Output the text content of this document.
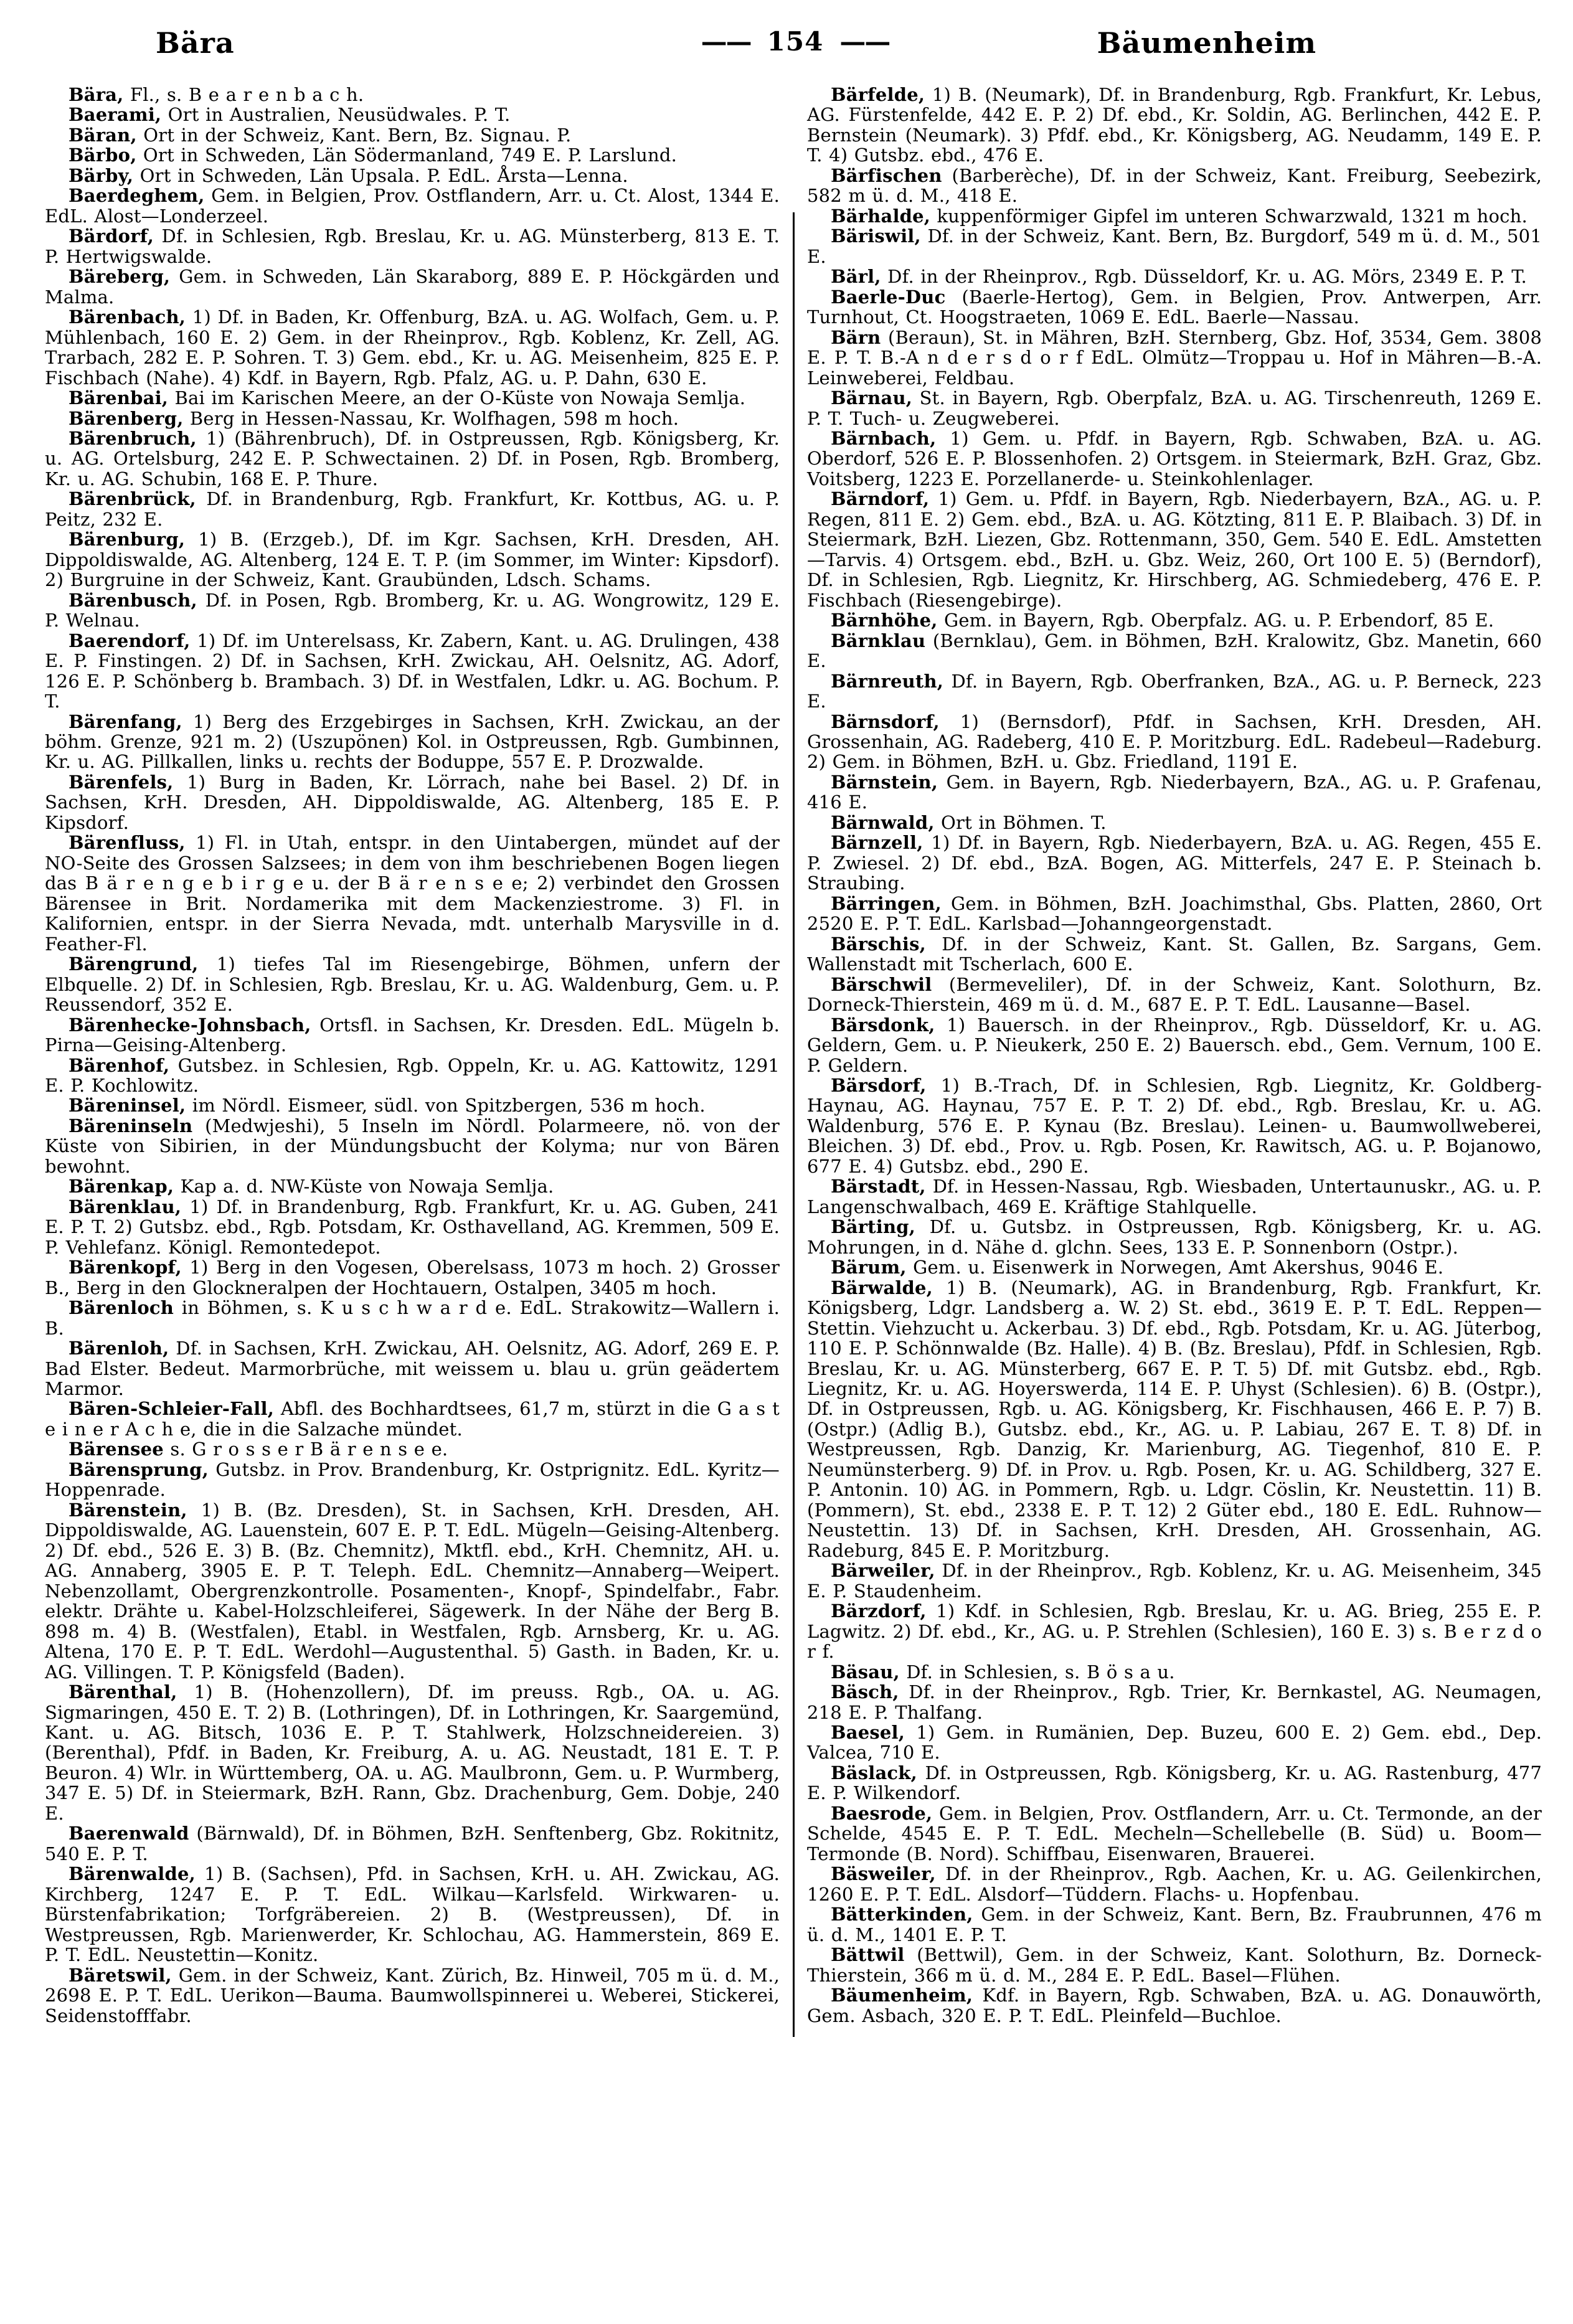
Bära	—— 154 ——	Bäumenheim

Bära, Fl., s. B e a r e n b a c h.

Baerami, Ort in Australien, Neusüdwales. P. T.

Bäran, Ort in der Schweiz, Kant. Bern, Bz. Signau. P.

Bärbo, Ort in Schweden, Län Södermanland, 749 E. P. Larslund.

Bärby, Ort in Schweden, Län Upsala. P. EdL. Årsta—Lenna.

Baerdeghem, Gem. in Belgien, Prov. Ostflandern, Arr. u. Ct. Alost, 1344 E. EdL. Alost—Londerzeel.

Bärdorf, Df. in Schlesien, Rgb. Breslau, Kr. u. AG. Münsterberg, 813 E. T. P. Hertwigswalde.

Bäreberg, Gem. in Schweden, Län Skaraborg, 889 E. P. Höckgärden und Malma.

Bärenbach, 1) Df. in Baden, Kr. Offenburg, BzA. u. AG. Wolfach, Gem. u. P. Mühlenbach, 160 E. 2) Gem. in der Rheinprov., Rgb. Koblenz, Kr. Zell, AG. Trarbach, 282 E. P. Sohren. T. 3) Gem. ebd., Kr. u. AG. Meisenheim, 825 E. P. Fischbach (Nahe). 4) Kdf. in Bayern, Rgb. Pfalz, AG. u. P. Dahn, 630 E.

Bärenbai, Bai im Karischen Meere, an der O-Küste von Nowaja Semlja.

Bärenberg, Berg in Hessen-Nassau, Kr. Wolfhagen, 598 m hoch.

Bärenbruch, 1) (Bährenbruch), Df. in Ostpreussen, Rgb. Königsberg, Kr. u. AG. Ortelsburg, 242 E. P. Schwectainen. 2) Df. in Posen, Rgb. Bromberg, Kr. u. AG. Schubin, 168 E. P. Thure.

Bärenbrück, Df. in Brandenburg, Rgb. Frankfurt, Kr. Kottbus, AG. u. P. Peitz, 232 E.

Bärenburg, 1) B. (Erzgeb.), Df. im Kgr. Sachsen, KrH. Dresden, AH. Dippoldiswalde, AG. Altenberg, 124 E. T. P. (im Sommer, im Winter: Kipsdorf). 2) Burgruine in der Schweiz, Kant. Graubünden, Ldsch. Schams.

Bärenbusch, Df. in Posen, Rgb. Bromberg, Kr. u. AG. Wongrowitz, 129 E. P. Welnau.

Baerendorf, 1) Df. im Unterelsass, Kr. Zabern, Kant. u. AG. Drulingen, 438 E. P. Finstingen. 2) Df. in Sachsen, KrH. Zwickau, AH. Oelsnitz, AG. Adorf, 126 E. P. Schönberg b. Brambach. 3) Df. in Westfalen, Ldkr. u. AG. Bochum. P. T.

Bärenfang, 1) Berg des Erzgebirges in Sachsen, KrH. Zwickau, an der böhm. Grenze, 921 m. 2) (Uszupönen) Kol. in Ostpreussen, Rgb. Gumbinnen, Kr. u. AG. Pillkallen, links u. rechts der Boduppe, 557 E. P. Drozwalde.

Bärenfels, 1) Burg in Baden, Kr. Lörrach, nahe bei Basel. 2) Df. in Sachsen, KrH. Dresden, AH. Dippoldiswalde, AG. Altenberg, 185 E. P. Kipsdorf.

Bärenfluss, 1) Fl. in Utah, entspr. in den Uintabergen, mündet auf der NO-Seite des Grossen Salzsees; in dem von ihm beschriebenen Bogen liegen das B ä r e n g e b i r g e u. der B ä r e n s e e; 2) verbindet den Grossen Bärensee in Brit. Nordamerika mit dem Mackenziestrome. 3) Fl. in Kalifornien, entspr. in der Sierra Nevada, mdt. unterhalb Marysville in d. Feather-Fl.

Bärengrund, 1) tiefes Tal im Riesengebirge, Böhmen, unfern der Elbquelle. 2) Df. in Schlesien, Rgb. Breslau, Kr. u. AG. Waldenburg, Gem. u. P. Reussendorf, 352 E.

Bärenhecke-Johnsbach, Ortsfl. in Sachsen, Kr. Dresden. EdL. Mügeln b. Pirna—Geising-Altenberg.

Bärenhof, Gutsbez. in Schlesien, Rgb. Oppeln, Kr. u. AG. Kattowitz, 1291 E. P. Kochlowitz.

Bäreninsel, im Nördl. Eismeer, südl. von Spitzbergen, 536 m hoch.

Bäreninseln (Medwjeshi), 5 Inseln im Nördl. Polarmeere, nö. von der Küste von Sibirien, in der Mündungsbucht der Kolyma; nur von Bären bewohnt.

Bärenkap, Kap a. d. NW-Küste von Nowaja Semlja.

Bärenklau, 1) Df. in Brandenburg, Rgb. Frankfurt, Kr. u. AG. Guben, 241 E. P. T. 2) Gutsbz. ebd., Rgb. Potsdam, Kr. Osthavelland, AG. Kremmen, 509 E. P. Vehlefanz. Königl. Remontedepot.

Bärenkopf, 1) Berg in den Vogesen, Oberelsass, 1073 m hoch. 2) Grosser B., Berg in den Glockneralpen der Hochtauern, Ostalpen, 3405 m hoch.

Bärenloch in Böhmen, s. K u s c h w a r d e. EdL. Strakowitz—Wallern i. B.

Bärenloh, Df. in Sachsen, KrH. Zwickau, AH. Oelsnitz, AG. Adorf, 269 E. P. Bad Elster. Bedeut. Marmorbrüche, mit weissem u. blau u. grün geädertem Marmor.

Bären-Schleier-Fall, Abfl. des Bochhardtsees, 61,7 m, stürzt in die G a s t e i n e r A c h e, die in die Salzache mündet.

Bärensee s. G r o s s e r B ä r e n s e e.

Bärensprung, Gutsbz. in Prov. Brandenburg, Kr. Ostprignitz. EdL. Kyritz—Hoppenrade.

Bärenstein, 1) B. (Bz. Dresden), St. in Sachsen, KrH. Dresden, AH. Dippoldiswalde, AG. Lauenstein, 607 E. P. T. EdL. Mügeln—Geising-Altenberg. 2) Df. ebd., 526 E. 3) B. (Bz. Chemnitz), Mktfl. ebd., KrH. Chemnitz, AH. u. AG. Annaberg, 3905 E. P. T. Teleph. EdL. Chemnitz—Annaberg—Weipert. Nebenzollamt, Obergrenzkontrolle. Posamenten-, Knopf-, Spindelfabr., Fabr. elektr. Drähte u. Kabel-Holzschleiferei, Sägewerk. In der Nähe der Berg B. 898 m. 4) B. (Westfalen), Etabl. in Westfalen, Rgb. Arnsberg, Kr. u. AG. Altena, 170 E. P. T. EdL. Werdohl—Augustenthal. 5) Gasth. in Baden, Kr. u. AG. Villingen. T. P. Königsfeld (Baden).

Bärenthal, 1) B. (Hohenzollern), Df. im preuss. Rgb., OA. u. AG. Sigmaringen, 450 E. T. 2) B. (Lothringen), Df. in Lothringen, Kr. Saargemünd, Kant. u. AG. Bitsch, 1036 E. P. T. Stahlwerk, Holzschneidereien. 3) (Berenthal), Pfdf. in Baden, Kr. Freiburg, A. u. AG. Neustadt, 181 E. T. P. Beuron. 4) Wlr. in Württemberg, OA. u. AG. Maulbronn, Gem. u. P. Wurmberg, 347 E. 5) Df. in Steiermark, BzH. Rann, Gbz. Drachenburg, Gem. Dobje, 240 E.

Baerenwald (Bärnwald), Df. in Böhmen, BzH. Senftenberg, Gbz. Rokitnitz, 540 E. P. T.

Bärenwalde, 1) B. (Sachsen), Pfd. in Sachsen, KrH. u. AH. Zwickau, AG. Kirchberg, 1247 E. P. T. EdL. Wilkau—Karlsfeld. Wirkwaren- u. Bürstenfabrikation; Torfgräbereien. 2) B. (Westpreussen), Df. in Westpreussen, Rgb. Marienwerder, Kr. Schlochau, AG. Hammerstein, 869 E. P. T. EdL. Neustettin—Konitz.

Bäretswil, Gem. in der Schweiz, Kant. Zürich, Bz. Hinweil, 705 m ü. d. M., 2698 E. P. T. EdL. Uerikon—Bauma. Baumwollspinnerei u. Weberei, Stickerei, Seidenstofffabr.

Bärfelde, 1) B. (Neumark), Df. in Brandenburg, Rgb. Frankfurt, Kr. Lebus, AG. Fürstenfelde, 442 E. P. 2) Df. ebd., Kr. Soldin, AG. Berlinchen, 442 E. P. Bernstein (Neumark). 3) Pfdf. ebd., Kr. Königsberg, AG. Neudamm, 149 E. P. T. 4) Gutsbz. ebd., 476 E.

Bärfischen (Barberèche), Df. in der Schweiz, Kant. Freiburg, Seebezirk, 582 m ü. d. M., 418 E.

Bärhalde, kuppenförmiger Gipfel im unteren Schwarzwald, 1321 m hoch.

Bäriswil, Df. in der Schweiz, Kant. Bern, Bz. Burgdorf, 549 m ü. d. M., 501 E.

Bärl, Df. in der Rheinprov., Rgb. Düsseldorf, Kr. u. AG. Mörs, 2349 E. P. T.

Baerle-Duc (Baerle-Hertog), Gem. in Belgien, Prov. Antwerpen, Arr. Turnhout, Ct. Hoogstraeten, 1069 E. EdL. Baerle—Nassau.

Bärn (Beraun), St. in Mähren, BzH. Sternberg, Gbz. Hof, 3534, Gem. 3808 E. P. T. B.-A n d e r s d o r f EdL. Olmütz—Troppau u. Hof in Mähren—B.-A. Leinweberei, Feldbau.

Bärnau, St. in Bayern, Rgb. Oberpfalz, BzA. u. AG. Tirschenreuth, 1269 E. P. T. Tuch- u. Zeugweberei.

Bärnbach, 1) Gem. u. Pfdf. in Bayern, Rgb. Schwaben, BzA. u. AG. Oberdorf, 526 E. P. Blossenhofen. 2) Ortsgem. in Steiermark, BzH. Graz, Gbz. Voitsberg, 1223 E. Porzellanerde- u. Steinkohlenlager.

Bärndorf, 1) Gem. u. Pfdf. in Bayern, Rgb. Niederbayern, BzA., AG. u. P. Regen, 811 E. 2) Gem. ebd., BzA. u. AG. Kötzting, 811 E. P. Blaibach. 3) Df. in Steiermark, BzH. Liezen, Gbz. Rottenmann, 350, Gem. 540 E. EdL. Amstetten—Tarvis. 4) Ortsgem. ebd., BzH. u. Gbz. Weiz, 260, Ort 100 E. 5) (Berndorf), Df. in Schlesien, Rgb. Liegnitz, Kr. Hirschberg, AG. Schmiedeberg, 476 E. P. Fischbach (Riesengebirge).

Bärnhöhe, Gem. in Bayern, Rgb. Oberpfalz. AG. u. P. Erbendorf, 85 E.

Bärnklau (Bernklau), Gem. in Böhmen, BzH. Kralowitz, Gbz. Manetin, 660 E.

Bärnreuth, Df. in Bayern, Rgb. Oberfranken, BzA., AG. u. P. Berneck, 223 E.

Bärnsdorf, 1) (Bernsdorf), Pfdf. in Sachsen, KrH. Dresden, AH. Grossenhain, AG. Radeberg, 410 E. P. Moritzburg. EdL. Radebeul—Radeburg. 2) Gem. in Böhmen, BzH. u. Gbz. Friedland, 1191 E.

Bärnstein, Gem. in Bayern, Rgb. Niederbayern, BzA., AG. u. P. Grafenau, 416 E.

Bärnwald, Ort in Böhmen. T.

Bärnzell, 1) Df. in Bayern, Rgb. Niederbayern, BzA. u. AG. Regen, 455 E. P. Zwiesel. 2) Df. ebd., BzA. Bogen, AG. Mitterfels, 247 E. P. Steinach b. Straubing.

Bärringen, Gem. in Böhmen, BzH. Joachimsthal, Gbs. Platten, 2860, Ort 2520 E. P. T. EdL. Karlsbad—Johanngeorgenstadt.

Bärschis, Df. in der Schweiz, Kant. St. Gallen, Bz. Sargans, Gem. Wallenstadt mit Tscherlach, 600 E.

Bärschwil (Bermeveliler), Df. in der Schweiz, Kant. Solothurn, Bz. Dorneck-Thierstein, 469 m ü. d. M., 687 E. P. T. EdL. Lausanne—Basel.

Bärsdonk, 1) Bauersch. in der Rheinprov., Rgb. Düsseldorf, Kr. u. AG. Geldern, Gem. u. P. Nieukerk, 250 E. 2) Bauersch. ebd., Gem. Vernum, 100 E. P. Geldern.

Bärsdorf, 1) B.-Trach, Df. in Schlesien, Rgb. Liegnitz, Kr. Goldberg-Haynau, AG. Haynau, 757 E. P. T. 2) Df. ebd., Rgb. Breslau, Kr. u. AG. Waldenburg, 576 E. P. Kynau (Bz. Breslau). Leinen- u. Baumwollweberei, Bleichen. 3) Df. ebd., Prov. u. Rgb. Posen, Kr. Rawitsch, AG. u. P. Bojanowo, 677 E. 4) Gutsbz. ebd., 290 E.

Bärstadt, Df. in Hessen-Nassau, Rgb. Wiesbaden, Untertaunuskr., AG. u. P. Langenschwalbach, 469 E. Kräftige Stahlquelle.

Bärting, Df. u. Gutsbz. in Ostpreussen, Rgb. Königsberg, Kr. u. AG. Mohrungen, in d. Nähe d. glchn. Sees, 133 E. P. Sonnenborn (Ostpr.).

Bärum, Gem. u. Eisenwerk in Norwegen, Amt Akershus, 9046 E.

Bärwalde, 1) B. (Neumark), AG. in Brandenburg, Rgb. Frankfurt, Kr. Königsberg, Ldgr. Landsberg a. W. 2) St. ebd., 3619 E. P. T. EdL. Reppen—Stettin. Viehzucht u. Ackerbau. 3) Df. ebd., Rgb. Potsdam, Kr. u. AG. Jüterbog, 110 E. P. Schönnwalde (Bz. Halle). 4) B. (Bz. Breslau), Pfdf. in Schlesien, Rgb. Breslau, Kr. u. AG. Münsterberg, 667 E. P. T. 5) Df. mit Gutsbz. ebd., Rgb. Liegnitz, Kr. u. AG. Hoyerswerda, 114 E. P. Uhyst (Schlesien). 6) B. (Ostpr.), Df. in Ostpreussen, Rgb. u. AG. Königsberg, Kr. Fischhausen, 466 E. P. 7) B. (Ostpr.) (Adlig B.), Gutsbz. ebd., Kr., AG. u. P. Labiau, 267 E. T. 8) Df. in Westpreussen, Rgb. Danzig, Kr. Marienburg, AG. Tiegenhof, 810 E. P. Neumünsterberg. 9) Df. in Prov. u. Rgb. Posen, Kr. u. AG. Schildberg, 327 E. P. Antonin. 10) AG. in Pommern, Rgb. u. Ldgr. Cöslin, Kr. Neustettin. 11) B. (Pommern), St. ebd., 2338 E. P. T. 12) 2 Güter ebd., 180 E. EdL. Ruhnow—Neustettin. 13) Df. in Sachsen, KrH. Dresden, AH. Grossenhain, AG. Radeburg, 845 E. P. Moritzburg.

Bärweiler, Df. in der Rheinprov., Rgb. Koblenz, Kr. u. AG. Meisenheim, 345 E. P. Staudenheim.

Bärzdorf, 1) Kdf. in Schlesien, Rgb. Breslau, Kr. u. AG. Brieg, 255 E. P. Lagwitz. 2) Df. ebd., Kr., AG. u. P. Strehlen (Schlesien), 160 E. 3) s. B e r z d o r f.

Bäsau, Df. in Schlesien, s. B ö s a u.

Bäsch, Df. in der Rheinprov., Rgb. Trier, Kr. Bernkastel, AG. Neumagen, 218 E. P. Thalfang.

Baesel, 1) Gem. in Rumänien, Dep. Buzeu, 600 E. 2) Gem. ebd., Dep. Valcea, 710 E.

Bäslack, Df. in Ostpreussen, Rgb. Königsberg, Kr. u. AG. Rastenburg, 477 E. P. Wilkendorf.

Baesrode, Gem. in Belgien, Prov. Ostflandern, Arr. u. Ct. Termonde, an der Schelde, 4545 E. P. T. EdL. Mecheln—Schellebelle (B. Süd) u. Boom—Termonde (B. Nord). Schiffbau, Eisenwaren, Brauerei.

Bäsweiler, Df. in der Rheinprov., Rgb. Aachen, Kr. u. AG. Geilenkirchen, 1260 E. P. T. EdL. Alsdorf—Tüddern. Flachs- u. Hopfenbau.

Bätterkinden, Gem. in der Schweiz, Kant. Bern, Bz. Fraubrunnen, 476 m ü. d. M., 1401 E. P. T.

Bättwil (Bettwil), Gem. in der Schweiz, Kant. Solothurn, Bz. Dorneck-Thierstein, 366 m ü. d. M., 284 E. P. EdL. Basel—Flühen.

Bäumenheim, Kdf. in Bayern, Rgb. Schwaben, BzA. u. AG. Donauwörth, Gem. Asbach, 320 E. P. T. EdL. Pleinfeld—Buchloe.
